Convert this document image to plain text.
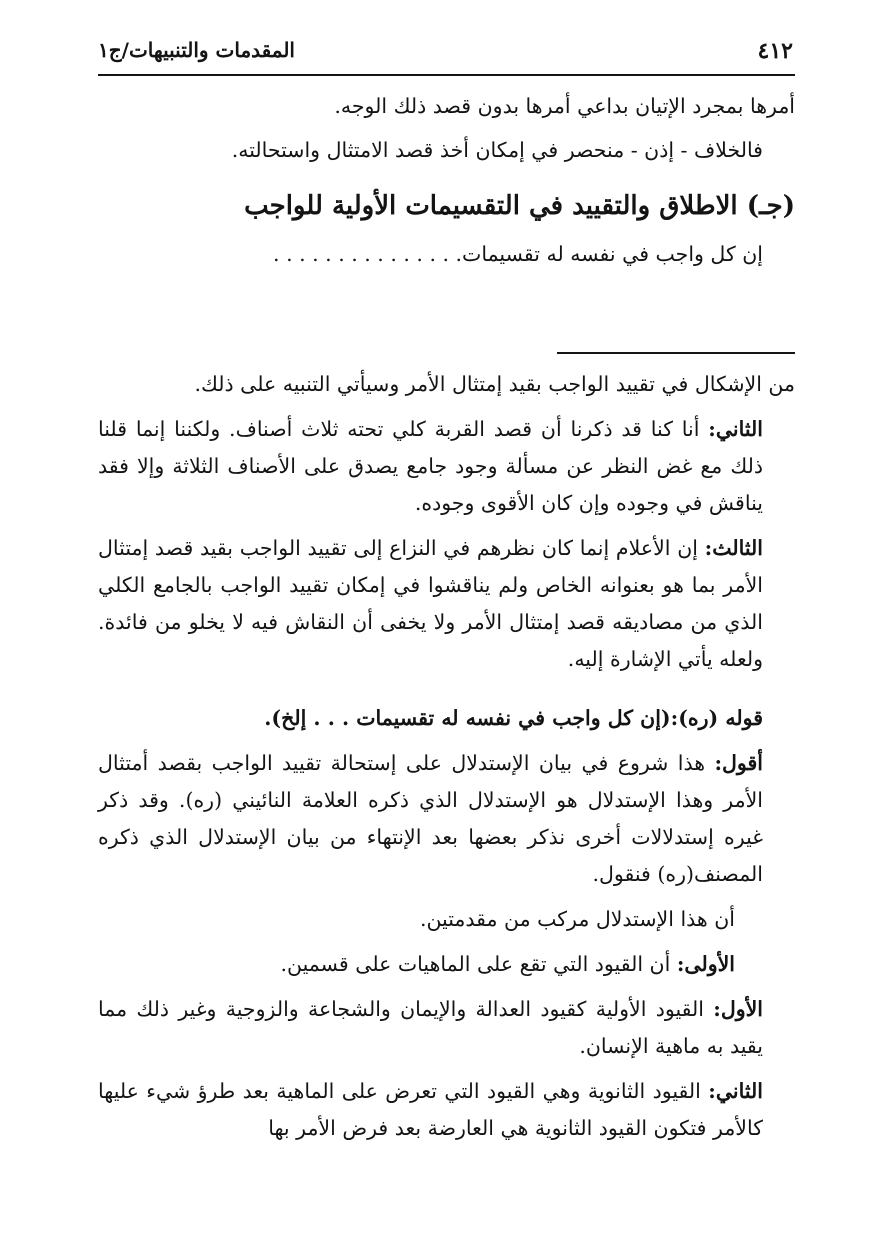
٤١٢
المقدمات والتنبيهات/ج١

أمرها بمجرد الإتيان بداعي أمرها بدون قصد ذلك الوجه.

فالخلاف - إذن - منحصر في إمكان أخذ قصد الامتثال واستحالته.

(جـ) الاطلاق والتقييد في التقسيمات الأولية للواجب

إن كل واجب في نفسه له تقسيمات. . . . . . . . . . . . . . .

من الإشكال في تقييد الواجب بقيد إمتثال الأمر وسيأتي التنبيه على ذلك.

الثاني: أنا كنا قد ذكرنا أن قصد القربة كلي تحته ثلاث أصناف. ولكننا إنما قلنا ذلك مع غض النظر عن مسألة وجود جامع يصدق على الأصناف الثلاثة وإلا فقد يناقش في وجوده وإن كان الأقوى وجوده.

الثالث: إن الأعلام إنما كان نظرهم في النزاع إلى تقييد الواجب بقيد قصد إمتثال الأمر بما هو بعنوانه الخاص ولم يناقشوا في إمكان تقييد الواجب بالجامع الكلي الذي من مصاديقه قصد إمتثال الأمر ولا يخفى أن النقاش فيه لا يخلو من فائدة. ولعله يأتي الإشارة إليه.

قوله (ره):(إن كل واجب في نفسه له تقسيمات . . . إلخ).

أقول: هذا شروع في بيان الإستدلال على إستحالة تقييد الواجب بقصد أمتثال الأمر وهذا الإستدلال هو الإستدلال الذي ذكره العلامة النائيني (ره). وقد ذكر غيره إستدلالات أخرى نذكر بعضها بعد الإنتهاء من بيان الإستدلال الذي ذكره المصنف(ره) فنقول.

أن هذا الإستدلال مركب من مقدمتين.

الأولى: أن القيود التي تقع على الماهيات على قسمين.

الأول: القيود الأولية كقيود العدالة والإيمان والشجاعة والزوجية وغير ذلك مما يقيد به ماهية الإنسان.

الثاني: القيود الثانوية وهي القيود التي تعرض على الماهية بعد طرؤ شيء عليها كالأمر فتكون القيود الثانوية هي العارضة بعد فرض الأمر بها
